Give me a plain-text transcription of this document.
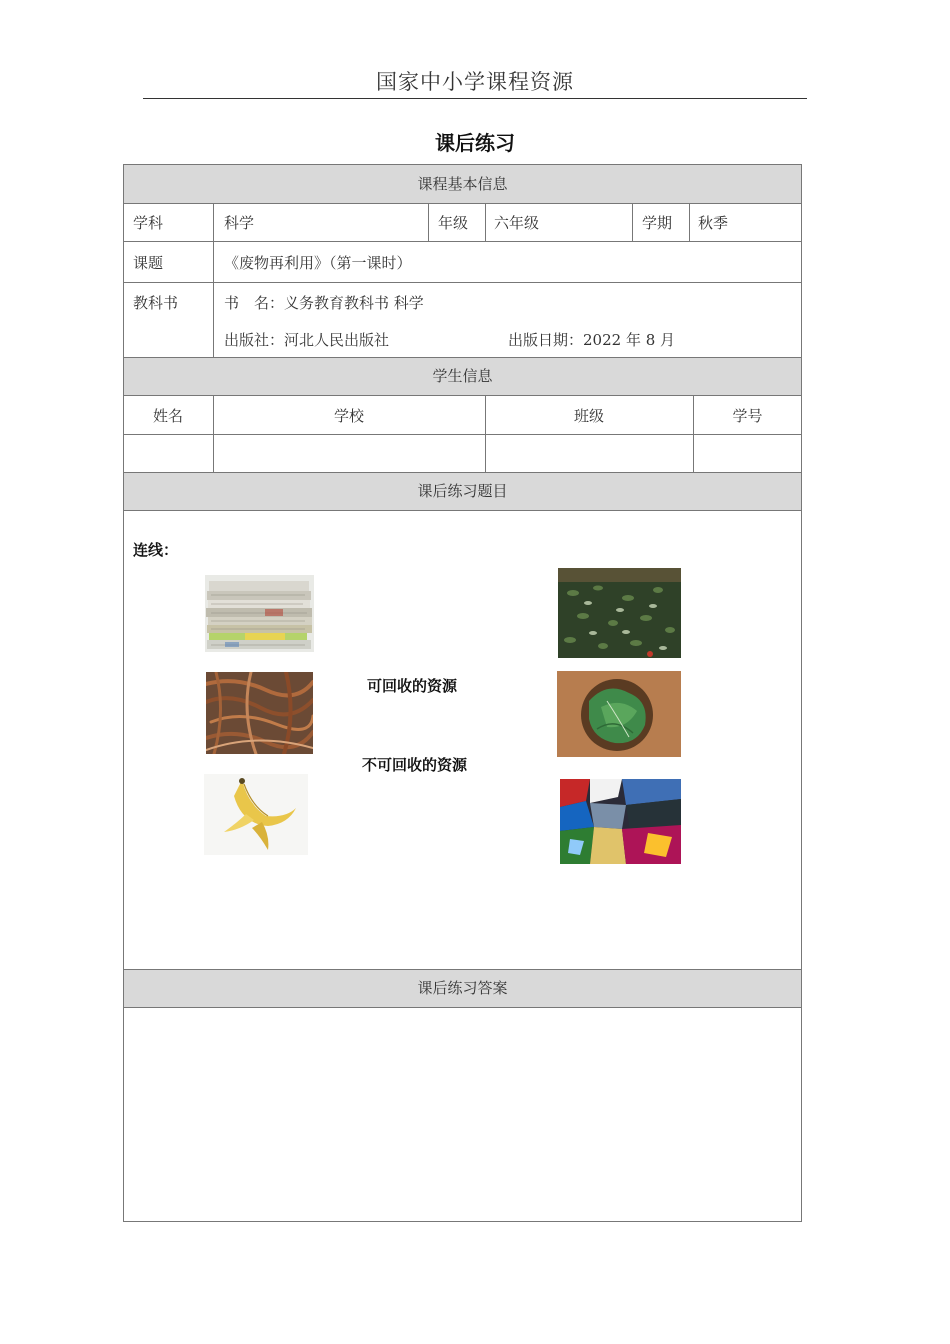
国家中小学课程资源
课后练习
课程基本信息
学科	科学	年级 六年级	学期 秋季
课题	《废物再利用》（第一课时）
教科书	书　名：义务教育教科书 科学
出版社：河北人民出版社	出版日期：2022 年 8 月
学生信息
姓名	学校	班级	学号
课后练习题目
连线：
可回收的资源
不可回收的资源
课后练习答案
